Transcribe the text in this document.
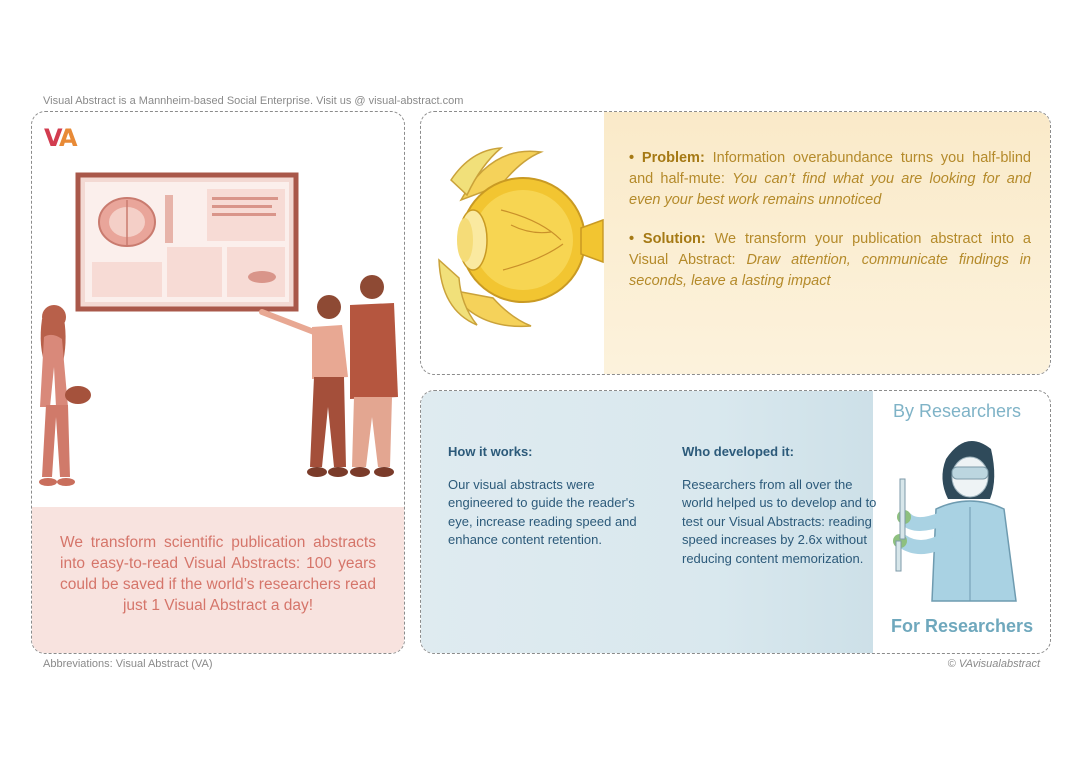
Visual Abstract is a Mannheim-based Social Enterprise. Visit us @ visual-abstract.com
VA
We transform scientific publication abstracts into easy-to-read Visual Abstracts: 100 years could be saved if the world’s researchers read just 1 Visual Abstract a day!
• Problem: Information overabundance turns you half-blind and half-mute: You can’t find what you are looking for and even your best work remains unnoticed
• Solution: We transform your publication abstract into a Visual Abstract: Draw attention, communicate findings in seconds, leave a lasting impact
How it works:
Our visual abstracts were engineered to guide the reader's eye, increase reading speed and enhance content retention.
Who developed it:
Researchers from all over the world helped us to develop and to test our Visual Abstracts: reading speed increases by 2.6x without reducing content memorization.
By Researchers
For Researchers
Abbreviations: Visual Abstract (VA)	© VAvisualabstract
